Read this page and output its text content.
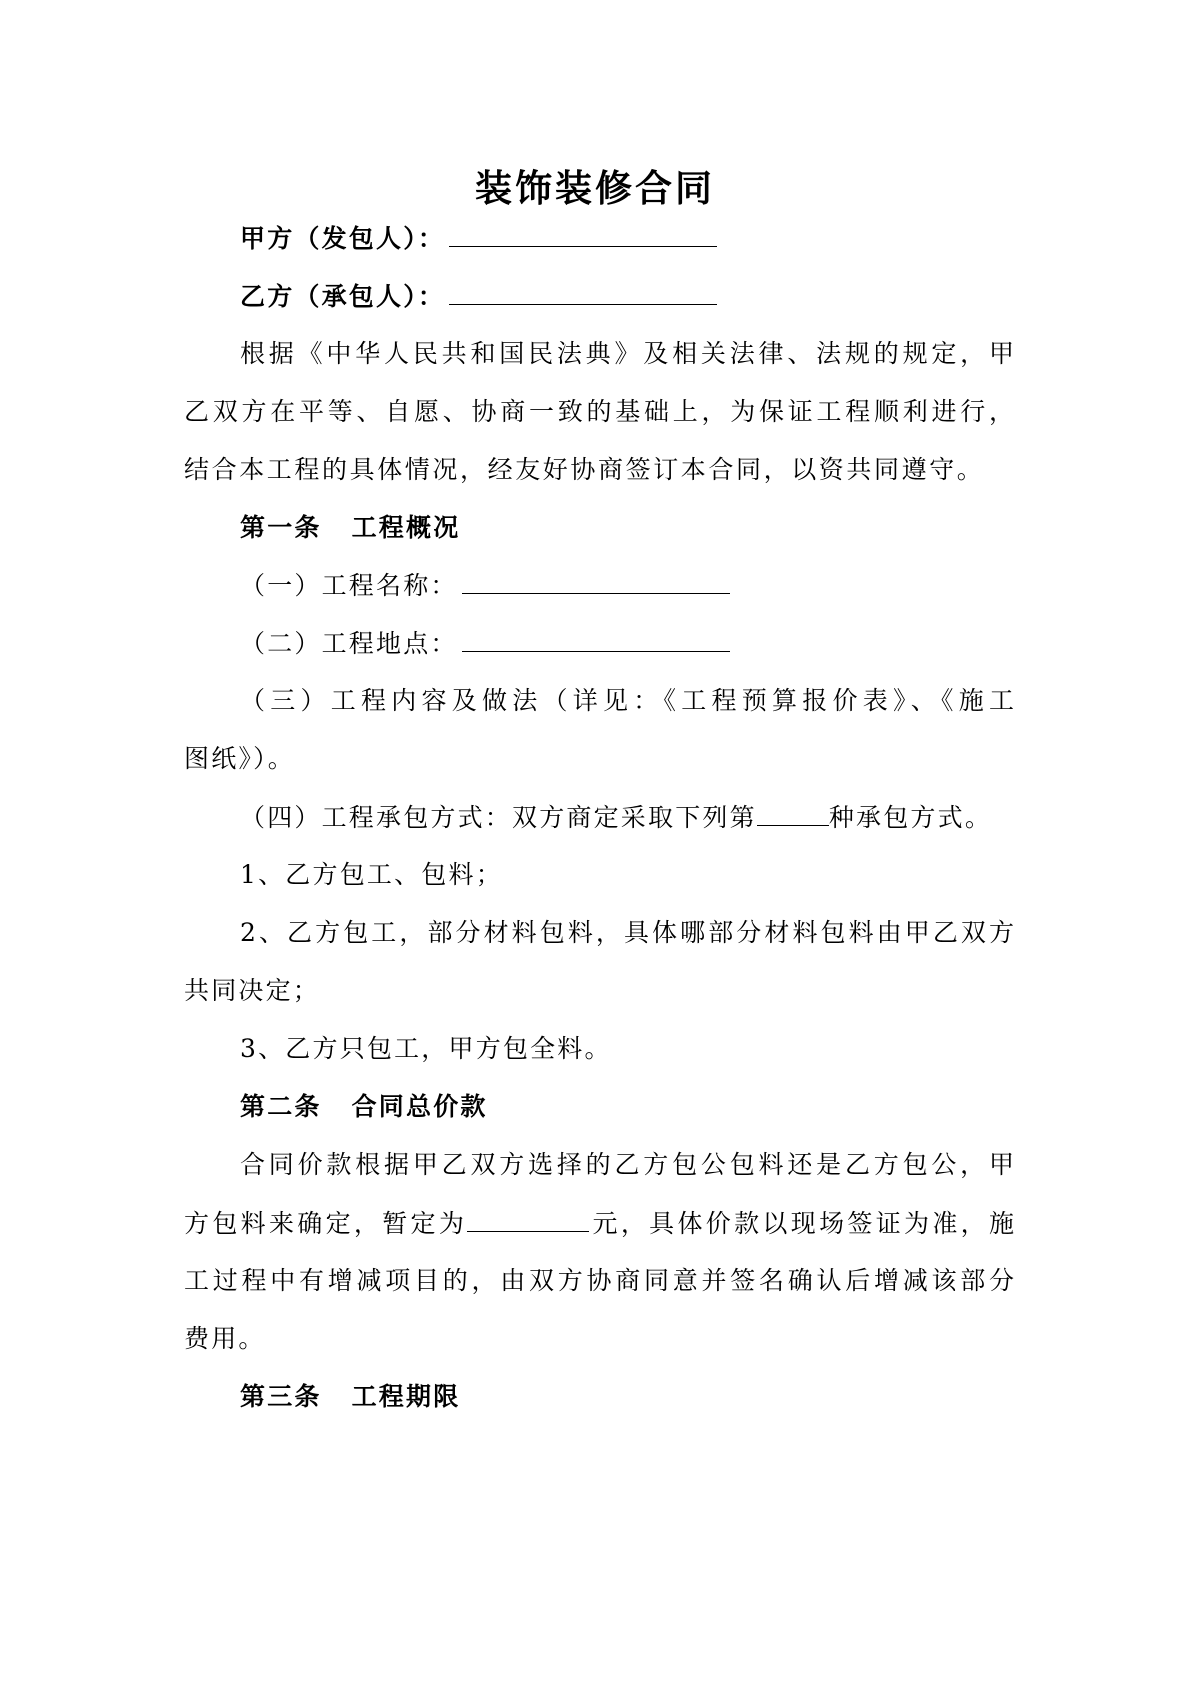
装饰装修合同
甲方（发包人）：
乙方（承包人）：
根据《中华人民共和国民法典》及相关法律、法规的规定，甲
乙双方在平等、自愿、协商一致的基础上，为保证工程顺利进行，
结合本工程的具体情况，经友好协商签订本合同，以资共同遵守。
第一条 工程概况
（一）工程名称：
（二）工程地点：
（三）工程内容及做法（详见：《工程预算报价表》、《施工
图纸》）。
（四）工程承包方式：双方商定采取下列第	种承包方式。
1、乙方包工、包料；
2、乙方包工，部分材料包料，具体哪部分材料包料由甲乙双方
共同决定；
3、乙方只包工，甲方包全料。
第二条 合同总价款
合同价款根据甲乙双方选择的乙方包公包料还是乙方包公，甲
方包料来确定，暂定为	元，具体价款以现场签证为准，施
工过程中有增减项目的，由双方协商同意并签名确认后增减该部分
费用。
第三条 工程期限
